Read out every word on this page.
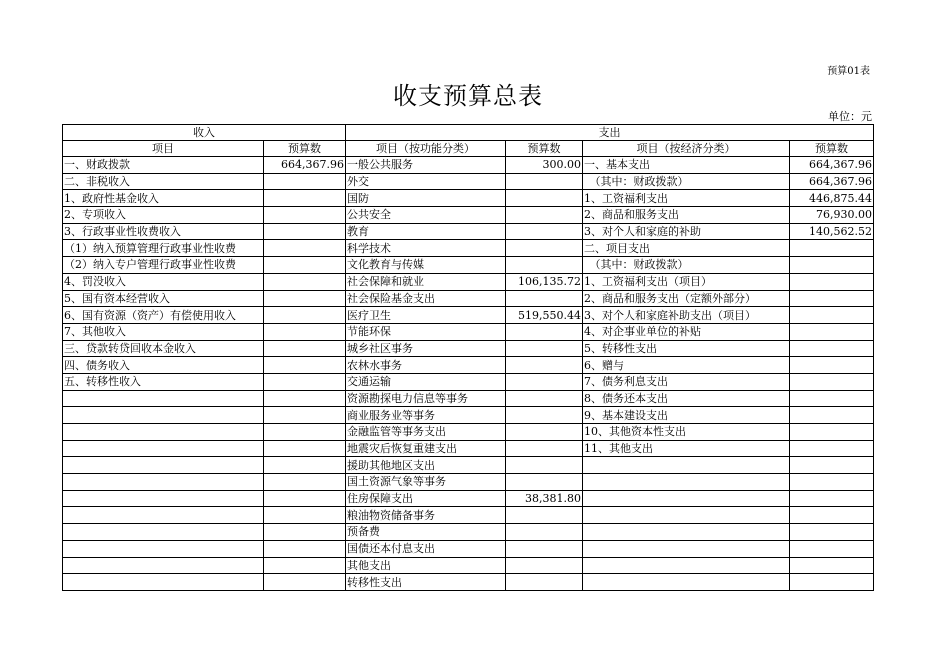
预算01表
收支预算总表
单位：元
收入		支出			
项目	预算数	项目（按功能分类）	预算数	项目（按经济分类）	预算数
一、财政拨款	664,367.96	一般公共服务	300.00	一、基本支出	664,367.96
二、非税收入		外交		　（其中：财政拨款）	664,367.96
1、政府性基金收入		国防		1、工资福利支出	446,875.44
2、专项收入		公共安全		2、商品和服务支出	76,930.00
3、行政事业性收费收入		教育		3、对个人和家庭的补助	140,562.52
（1）纳入预算管理行政事业性收费		科学技术		二、项目支出	
（2）纳入专户管理行政事业性收费		文化教育与传媒		　（其中：财政拨款）	
4、罚没收入		社会保障和就业	106,135.72	1、工资福利支出（项目）	
5、国有资本经营收入		社会保险基金支出		2、商品和服务支出（定额外部分）	
6、国有资源（资产）有偿使用收入		医疗卫生	519,550.44	3、对个人和家庭补助支出（项目）	
7、其他收入		节能环保		4、对企事业单位的补贴	
三、贷款转贷回收本金收入		城乡社区事务		5、转移性支出	
四、债务收入		农林水事务		6、赠与	
五、转移性收入		交通运输		7、债务利息支出	
		资源勘探电力信息等事务		8、债务还本支出	
		商业服务业等事务		9、基本建设支出	
		金融监管等事务支出		10、其他资本性支出	
		地震灾后恢复重建支出		11、其他支出	
		援助其他地区支出			
		国土资源气象等事务			
		住房保障支出	38,381.80		
		粮油物资储备事务			
		预备费			
		国债还本付息支出			
		其他支出			
		转移性支出			
